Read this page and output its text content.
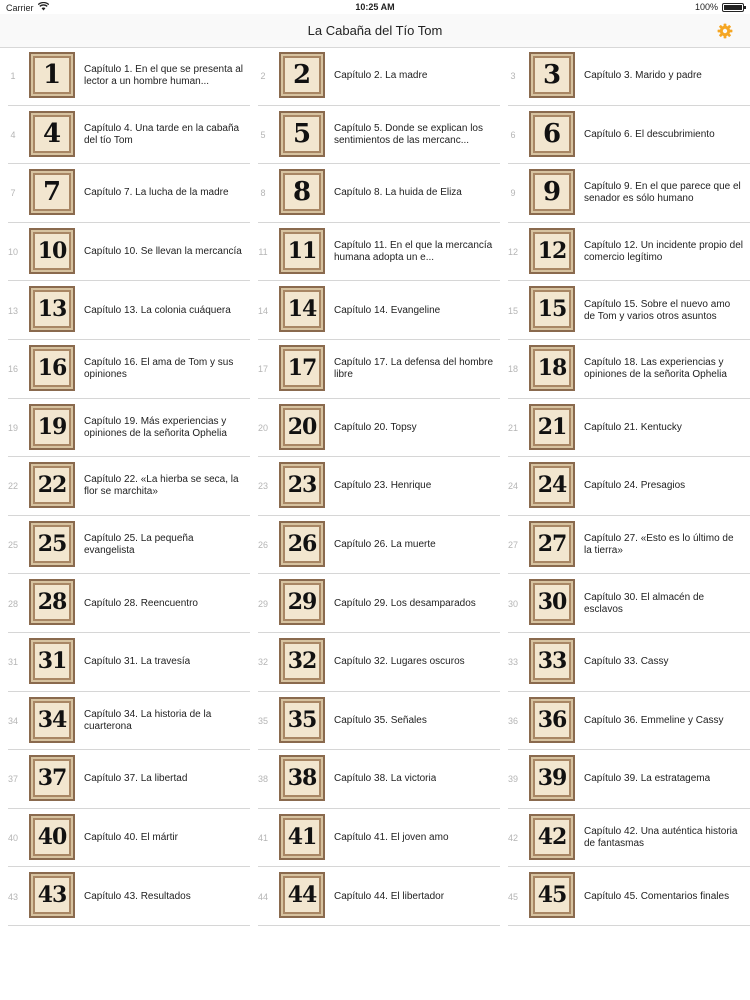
Carrier	10:25 AM	100%
La Cabaña del Tío Tom
1	1 Capítulo 1. En el que se presenta al lector a un hombre human...	2	2 Capítulo 2. La madre	3	3 Capítulo 3. Marido y padre
4	4 Capítulo 4. Una tarde en la cabaña del tío Tom	5	5 Capítulo 5. Donde se explican los sentimientos de las mercanc...	6	6 Capítulo 6. El descubrimiento
7	7 Capítulo 7. La lucha de la madre	8	8 Capítulo 8. La huida de Eliza	9	9 Capítulo 9. En el que parece que el senador es sólo humano
10 10 Capítulo 10. Se llevan la mercancía	11 11 Capítulo 11. En el que la mercancía humana adopta un e...	12 12 Capítulo 12. Un incidente propio del comercio legítimo
13 13 Capítulo 13. La colonia cuáquera	14 14 Capítulo 14. Evangeline	15 15 Capítulo 15. Sobre el nuevo amo de Tom y varios otros asuntos
16 16 Capítulo 16. El ama de Tom y sus opiniones	17 17 Capítulo 17. La defensa del hombre libre	18 18 Capítulo 18. Las experiencias y opiniones de la señorita Ophelia
19 19 Capítulo 19. Más experiencias y opiniones de la señorita Ophelia	20 20 Capítulo 20. Topsy	21 21 Capítulo 21. Kentucky
22 22 Capítulo 22. «La hierba se seca, la flor se marchita»	23 23 Capítulo 23. Henrique	24 24 Capítulo 24. Presagios
25 25 Capítulo 25. La pequeña evangelista	26 26 Capítulo 26. La muerte	27 27 Capítulo 27. «Esto es lo último de la tierra»
28 28 Capítulo 28. Reencuentro	29 29 Capítulo 29. Los desamparados	30 30 Capítulo 30. El almacén de esclavos
31 31 Capítulo 31. La travesía	32 32 Capítulo 32. Lugares oscuros	33 33 Capítulo 33. Cassy
34 34 Capítulo 34. La historia de la cuarterona	35 35 Capítulo 35. Señales	36 36 Capítulo 36. Emmeline y Cassy
37 37 Capítulo 37. La libertad	38 38 Capítulo 38. La victoria	39 39 Capítulo 39. La estratagema
40 40 Capítulo 40. El mártir	41 41 Capítulo 41. El joven amo	42 42 Capítulo 42. Una auténtica historia de fantasmas
43 43 Capítulo 43. Resultados	44 44 Capítulo 44. El libertador	45 45 Capítulo 45. Comentarios finales
